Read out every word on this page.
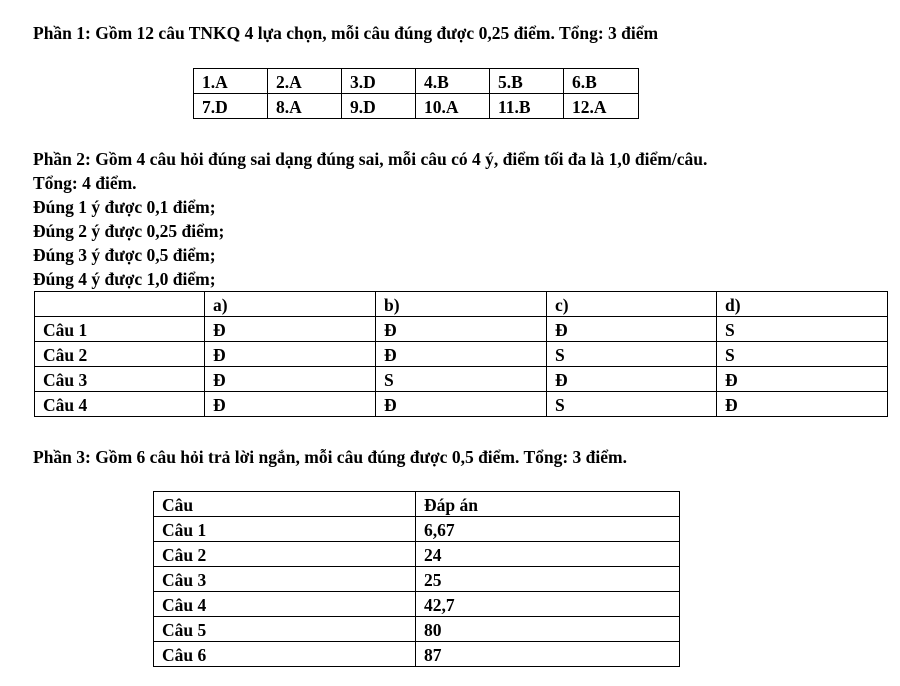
Phần 1: Gồm 12 câu TNKQ 4 lựa chọn, mỗi câu đúng được 0,25 điểm. Tổng: 3 điểm
1.A	2.A	3.D	4.B	5.B	6.B
7.D	8.A	9.D	10.A	11.B	12.A
Phần 2: Gồm 4 câu hỏi đúng sai dạng đúng sai, mỗi câu có 4 ý, điểm tối đa là 1,0 điểm/câu.
Tổng: 4 điểm.
Đúng 1 ý được 0,1 điểm;
Đúng 2 ý được 0,25 điểm;
Đúng 3 ý được 0,5 điểm;
Đúng 4 ý được 1,0 điểm;
	a)	b)	c)	d)
Câu 1	Đ	Đ	Đ	S
Câu 2	Đ	Đ	S	S
Câu 3	Đ	S	Đ	Đ
Câu 4	Đ	Đ	S	Đ
Phần 3: Gồm 6 câu hỏi trả lời ngắn, mỗi câu đúng được 0,5 điểm. Tổng: 3 điểm.
Câu	Đáp án
Câu 1	6,67
Câu 2	24
Câu 3	25
Câu 4	42,7
Câu 5	80
Câu 6	87
